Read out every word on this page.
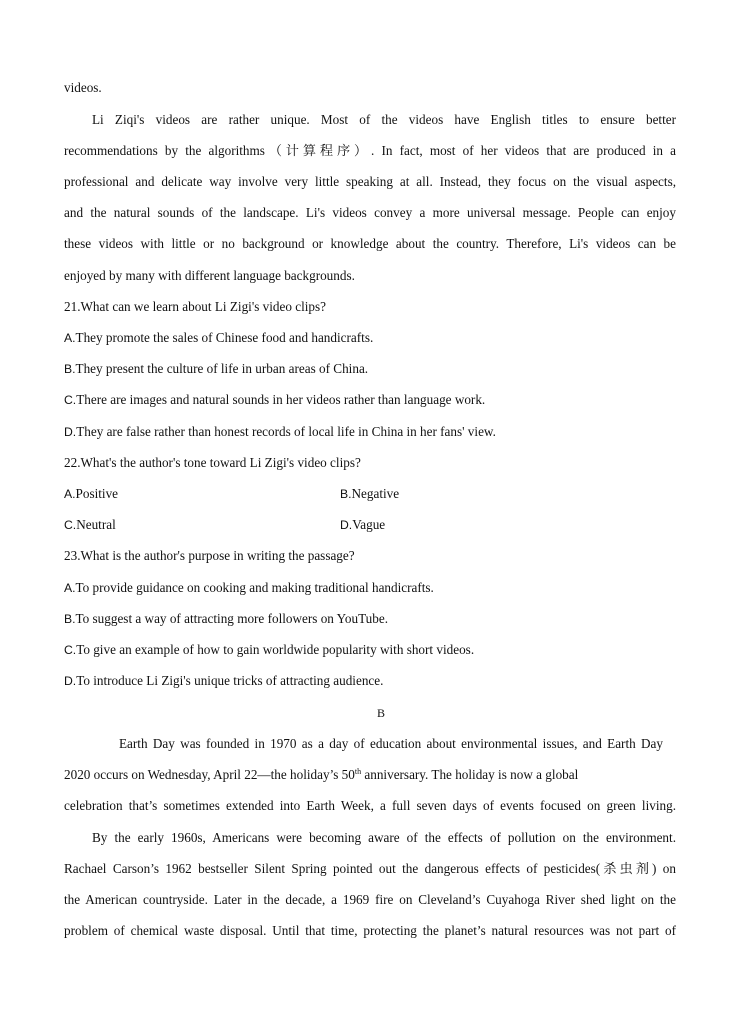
videos.
Li Ziqi's videos are rather unique. Most of the videos have English titles to ensure better
recommendations by the algorithms（计算程序）. In fact, most of her videos that are produced in a
professional and delicate way involve very little speaking at all. Instead, they focus on the visual aspects,
and the natural sounds of the landscape. Li's videos convey a more universal message. People can enjoy
these videos with little or no background or knowledge about the country. Therefore, Li's videos can be
enjoyed by many with different language backgrounds.
21.What can we learn about Li Zigi's video clips?
A.They promote the sales of Chinese food and handicrafts.
B.They present the culture of life in urban areas of China.
C.There are images and natural sounds in her videos rather than language work.
D.They are false rather than honest records of local life in China in her fans' view.
22.What's the author's tone toward Li Zigi's video clips?
A.Positive	B.Negative
C.Neutral	D.Vague
23.What is the author's purpose in writing the passage?
A.To provide guidance on cooking and making traditional handicrafts.
B.To suggest a way of attracting more followers on YouTube.
C.To give an example of how to gain worldwide popularity with short videos.
D.To introduce Li Zigi's unique tricks of attracting audience.
B
Earth Day was founded in 1970 as a day of education about environmental issues, and Earth Day
2020 occurs on Wednesday, April 22—the holiday’s 50th anniversary. The holiday is now a global
celebration that’s sometimes extended into Earth Week, a full seven days of events focused on green living.
By the early 1960s, Americans were becoming aware of the effects of pollution on the environment.
Rachael Carson’s 1962 bestseller Silent Spring pointed out the dangerous effects of pesticides(杀虫剂) on
the American countryside. Later in the decade, a 1969 fire on Cleveland’s Cuyahoga River shed light on the
problem of chemical waste disposal. Until that time, protecting the planet’s natural resources was not part of
